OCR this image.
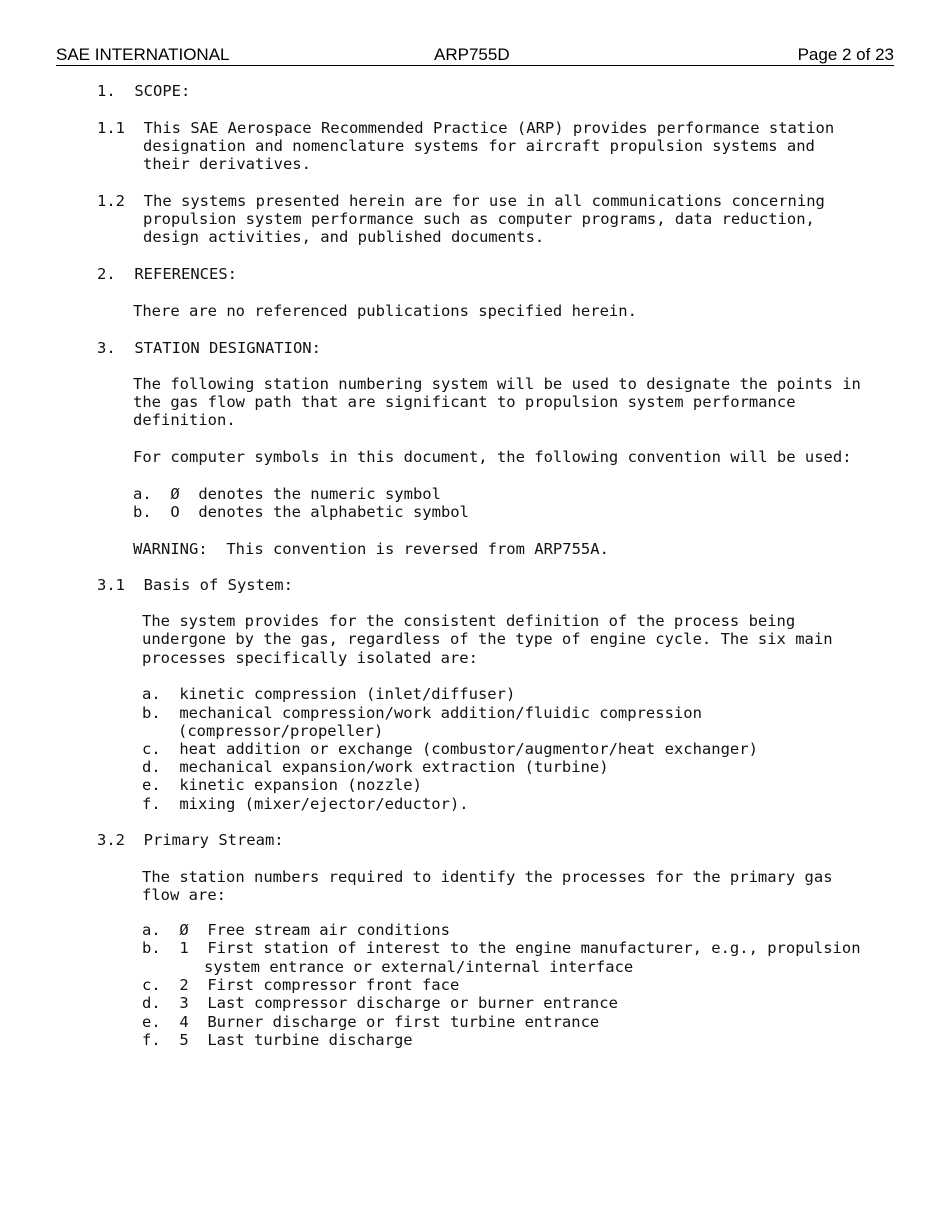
SAE INTERNATIONAL	ARP755D	Page 2 of 23
1.  SCOPE:
1.1  This SAE Aerospace Recommended Practice (ARP) provides performance station
designation and nomenclature systems for aircraft propulsion systems and
their derivatives.
1.2  The systems presented herein are for use in all communications concerning
propulsion system performance such as computer programs, data reduction,
design activities, and published documents.
2.  REFERENCES:
There are no referenced publications specified herein.
3.  STATION DESIGNATION:
The following station numbering system will be used to designate the points in
the gas flow path that are significant to propulsion system performance
definition.
For computer symbols in this document, the following convention will be used:
a.  Ø  denotes the numeric symbol
b.  O  denotes the alphabetic symbol
WARNING:  This convention is reversed from ARP755A.
3.1  Basis of System:
The system provides for the consistent definition of the process being
undergone by the gas, regardless of the type of engine cycle. The six main
processes specifically isolated are:
a.  kinetic compression (inlet/diffuser)
b.  mechanical compression/work addition/fluidic compression
(compressor/propeller)
c.  heat addition or exchange (combustor/augmentor/heat exchanger)
d.  mechanical expansion/work extraction (turbine)
e.  kinetic expansion (nozzle)
f.  mixing (mixer/ejector/eductor).
3.2  Primary Stream:
The station numbers required to identify the processes for the primary gas
flow are:
a.  Ø  Free stream air conditions
b.  1  First station of interest to the engine manufacturer, e.g., propulsion
system entrance or external/internal interface
c.  2  First compressor front face
d.  3  Last compressor discharge or burner entrance
e.  4  Burner discharge or first turbine entrance
f.  5  Last turbine discharge
